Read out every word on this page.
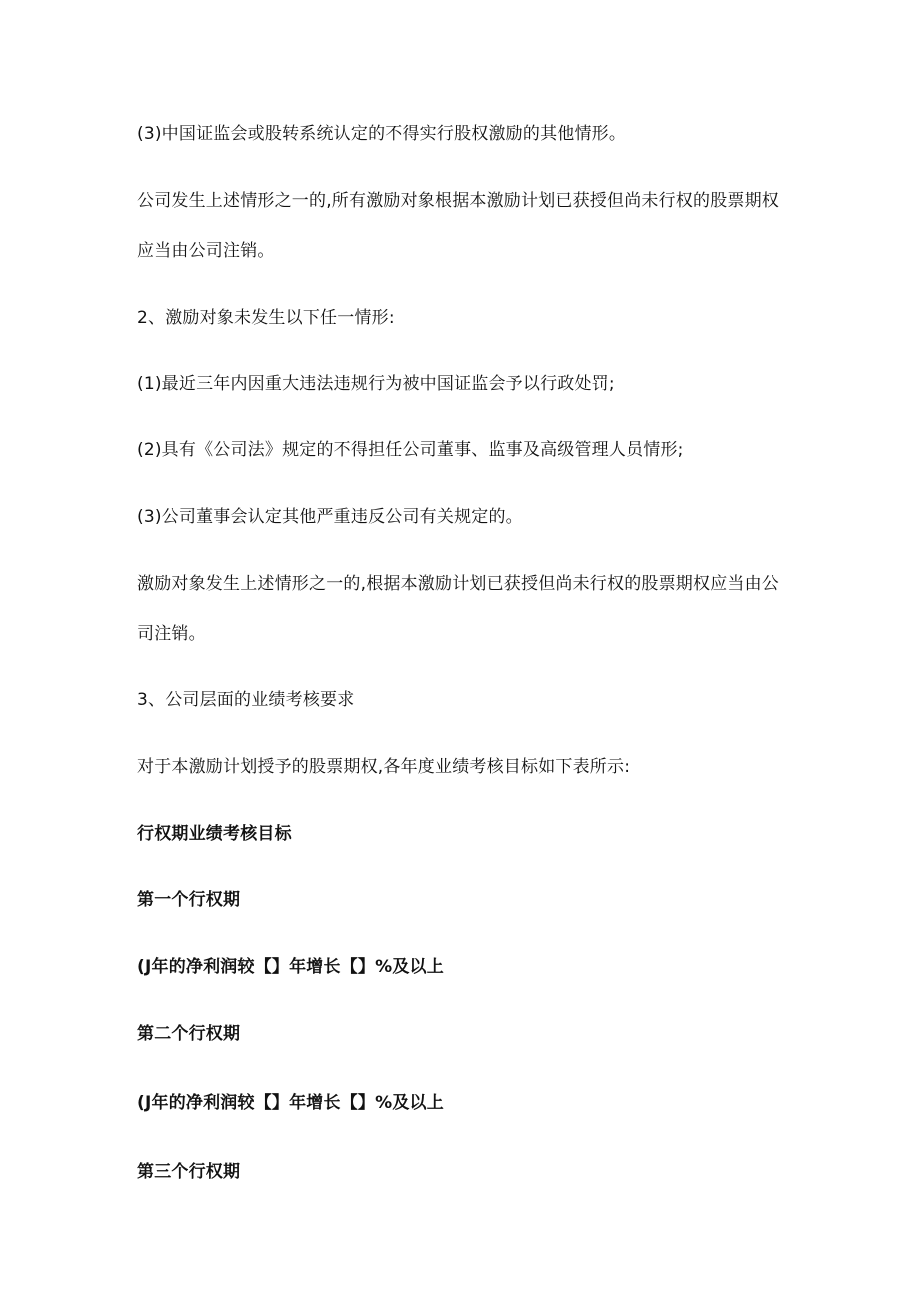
(3)中国证监会或股转系统认定的不得实行股权激励的其他情形。
公司发生上述情形之一的,所有激励对象根据本激励计划已获授但尚未行权的股票期权
应当由公司注销。
2、激励对象未发生以下任一情形:
(1)最近三年内因重大违法违规行为被中国证监会予以行政处罚;
(2)具有《公司法》规定的不得担任公司董事、监事及高级管理人员情形;
(3)公司董事会认定其他严重违反公司有关规定的。
激励对象发生上述情形之一的,根据本激励计划已获授但尚未行权的股票期权应当由公
司注销。
3、公司层面的业绩考核要求
对于本激励计划授予的股票期权,各年度业绩考核目标如下表所示:
行权期业绩考核目标
第一个行权期
(J年的净利润较【】年增长【】%及以上
第二个行权期
(J年的净利润较【】年增长【】%及以上
第三个行权期
